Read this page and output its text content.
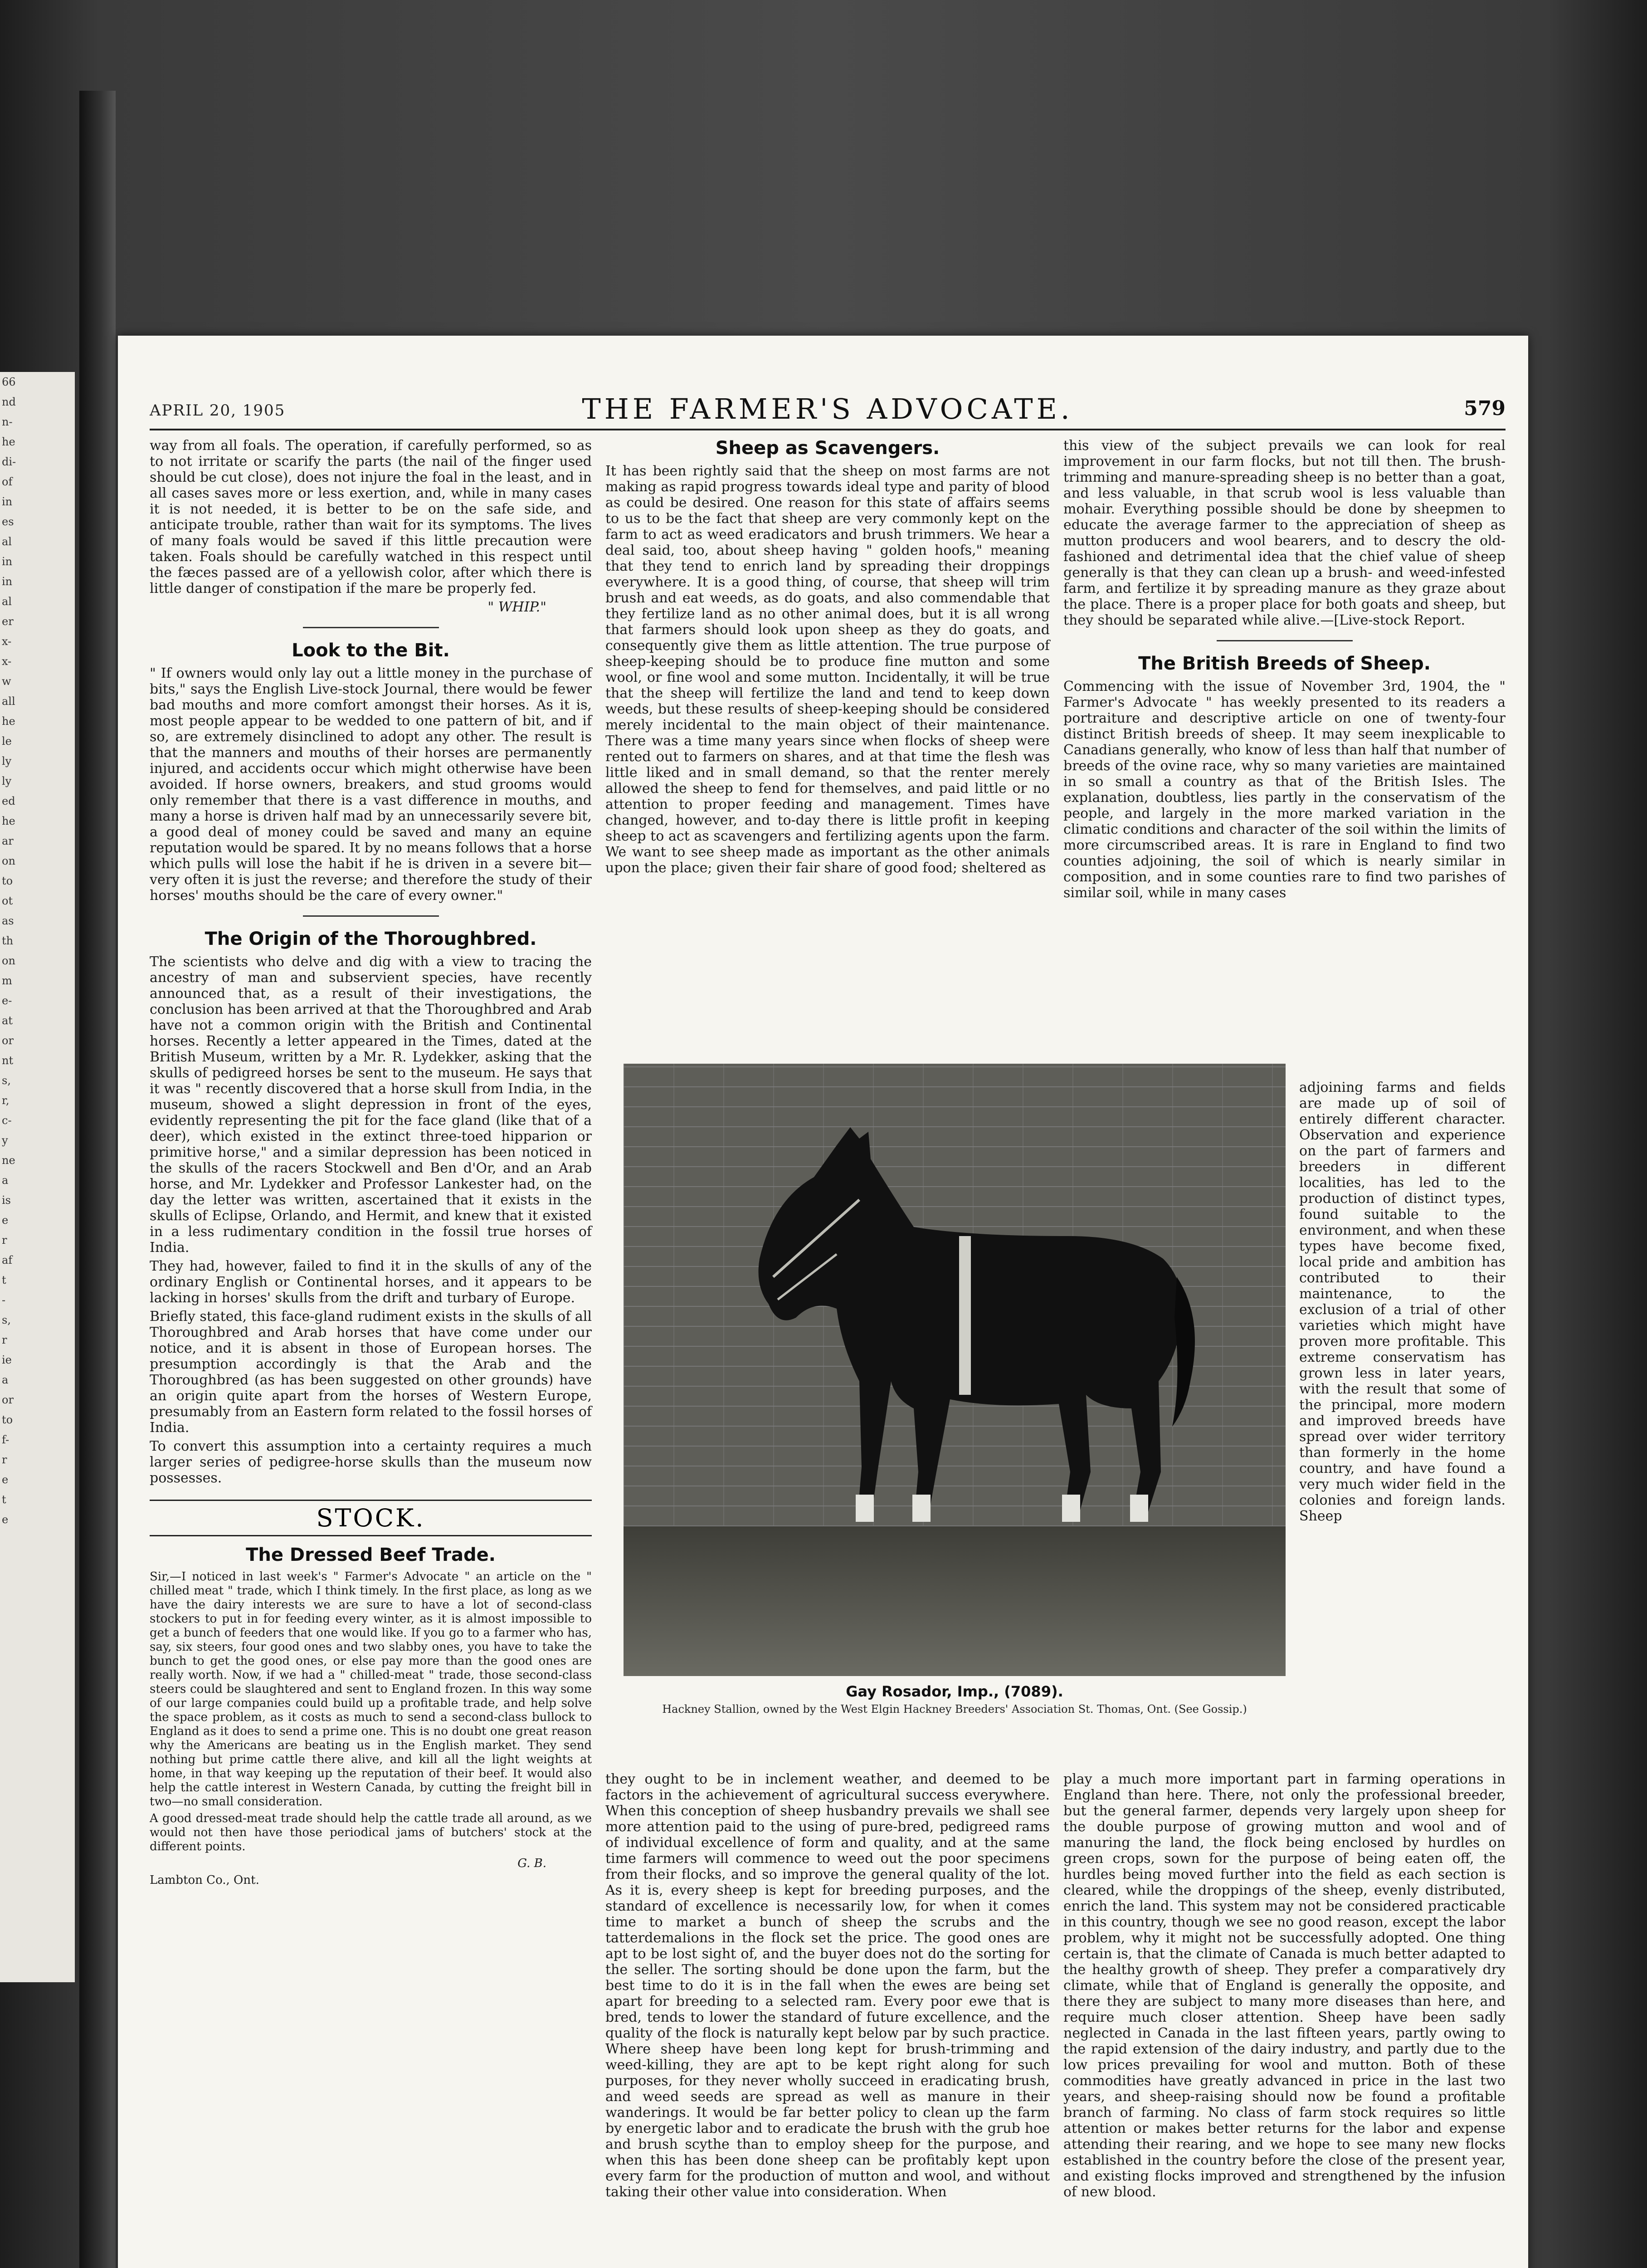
66
nd
n-
he
di-
of
in
es
al
in
in
al
er
x-
x-
w
all
he
le
ly
ly
ed
he
ar
on
to
ot
as
th
on
m
e-
at
or
nt
s,
r,
c-
y
ne
a
is
e
r
af
t
-
s,
r
ie
a
or
to
f-
r
e
t
e
APRIL 20, 1905	THE FARMER'S ADVOCATE.	579

way from all foals. The operation, if carefully performed, so as to not irritate or scarify the parts (the nail of the finger used should be cut close), does not injure the foal in the least, and in all cases saves more or less exertion, and, while in many cases it is not needed, it is better to be on the safe side, and anticipate trouble, rather than wait for its symptoms. The lives of many foals would be saved if this little precaution were taken. Foals should be carefully watched in this respect until the fæces passed are of a yellowish color, after which there is little danger of constipation if the mare be properly fed.

" WHIP."

Look to the Bit.

" If owners would only lay out a little money in the purchase of bits," says the English Live-stock Journal, there would be fewer bad mouths and more comfort amongst their horses. As it is, most people appear to be wedded to one pattern of bit, and if so, are extremely disinclined to adopt any other. The result is that the manners and mouths of their horses are permanently injured, and accidents occur which might otherwise have been avoided. If horse owners, breakers, and stud grooms would only remember that there is a vast difference in mouths, and many a horse is driven half mad by an unnecessarily severe bit, a good deal of money could be saved and many an equine reputation would be spared. It by no means follows that a horse which pulls will lose the habit if he is driven in a severe bit—very often it is just the reverse; and therefore the study of their horses' mouths should be the care of every owner."

The Origin of the Thoroughbred.

The scientists who delve and dig with a view to tracing the ancestry of man and subservient species, have recently announced that, as a result of their investigations, the conclusion has been arrived at that the Thoroughbred and Arab have not a common origin with the British and Continental horses. Recently a letter appeared in the Times, dated at the British Museum, written by a Mr. R. Lydekker, asking that the skulls of pedigreed horses be sent to the museum. He says that it was " recently discovered that a horse skull from India, in the museum, showed a slight depression in front of the eyes, evidently representing the pit for the face gland (like that of a deer), which existed in the extinct three-toed hipparion or primitive horse," and a similar depression has been noticed in the skulls of the racers Stockwell and Ben d'Or, and an Arab horse, and Mr. Lydekker and Professor Lankester had, on the day the letter was written, ascertained that it exists in the skulls of Eclipse, Orlando, and Hermit, and knew that it existed in a less rudimentary condition in the fossil true horses of India.

They had, however, failed to find it in the skulls of any of the ordinary English or Continental horses, and it appears to be lacking in horses' skulls from the drift and turbary of Europe.

Briefly stated, this face-gland rudiment exists in the skulls of all Thoroughbred and Arab horses that have come under our notice, and it is absent in those of European horses. The presumption accordingly is that the Arab and the Thoroughbred (as has been suggested on other grounds) have an origin quite apart from the horses of Western Europe, presumably from an Eastern form related to the fossil horses of India.

To convert this assumption into a certainty requires a much larger series of pedigree-horse skulls than the museum now possesses.

STOCK.
The Dressed Beef Trade.

Sir,—I noticed in last week's " Farmer's Advocate " an article on the " chilled meat " trade, which I think timely. In the first place, as long as we have the dairy interests we are sure to have a lot of second-class stockers to put in for feeding every winter, as it is almost impossible to get a bunch of feeders that one would like. If you go to a farmer who has, say, six steers, four good ones and two slabby ones, you have to take the bunch to get the good ones, or else pay more than the good ones are really worth. Now, if we had a " chilled-meat " trade, those second-class steers could be slaughtered and sent to England frozen. In this way some of our large companies could build up a profitable trade, and help solve the space problem, as it costs as much to send a second-class bullock to England as it does to send a prime one. This is no doubt one great reason why the Americans are beating us in the English market. They send nothing but prime cattle there alive, and kill all the light weights at home, in that way keeping up the reputation of their beef. It would also help the cattle interest in Western Canada, by cutting the freight bill in two—no small consideration.

A good dressed-meat trade should help the cattle trade all around, as we would not then have those periodical jams of butchers' stock at the different points.

G. B.

Lambton Co., Ont.

Sheep as Scavengers.

It has been rightly said that the sheep on most farms are not making as rapid progress towards ideal type and parity of blood as could be desired. One reason for this state of affairs seems to us to be the fact that sheep are very commonly kept on the farm to act as weed eradicators and brush trimmers. We hear a deal said, too, about sheep having " golden hoofs," meaning that they tend to enrich land by spreading their droppings everywhere. It is a good thing, of course, that sheep will trim brush and eat weeds, as do goats, and also commendable that they fertilize land as no other animal does, but it is all wrong that farmers should look upon sheep as they do goats, and consequently give them as little attention. The true purpose of sheep-keeping should be to produce fine mutton and some wool, or fine wool and some mutton. Incidentally, it will be true that the sheep will fertilize the land and tend to keep down weeds, but these results of sheep-keeping should be considered merely incidental to the main object of their maintenance. There was a time many years since when flocks of sheep were rented out to farmers on shares, and at that time the flesh was little liked and in small demand, so that the renter merely allowed the sheep to fend for themselves, and paid little or no attention to proper feeding and management. Times have changed, however, and to-day there is little profit in keeping sheep to act as scavengers and fertilizing agents upon the farm. We want to see sheep made as important as the other animals upon the place; given their fair share of good food; sheltered as

this view of the subject prevails we can look for real improvement in our farm flocks, but not till then. The brush-trimming and manure-spreading sheep is no better than a goat, and less valuable, in that scrub wool is less valuable than mohair. Everything possible should be done by sheepmen to educate the average farmer to the appreciation of sheep as mutton producers and wool bearers, and to descry the old-fashioned and detrimental idea that the chief value of sheep generally is that they can clean up a brush- and weed-infested farm, and fertilize it by spreading manure as they graze about the place. There is a proper place for both goats and sheep, but they should be separated while alive.—[Live-stock Report.

The British Breeds of Sheep.

Commencing with the issue of November 3rd, 1904, the " Farmer's Advocate " has weekly presented to its readers a portraiture and descriptive article on one of twenty-four distinct British breeds of sheep. It may seem inexplicable to Canadians generally, who know of less than half that number of breeds of the ovine race, why so many varieties are maintained in so small a country as that of the British Isles. The explanation, doubtless, lies partly in the conservatism of the people, and largely in the more marked variation in the climatic conditions and character of the soil within the limits of more circumscribed areas. It is rare in England to find two counties adjoining, the soil of which is nearly similar in composition, and in some counties rare to find two parishes of similar soil, while in many cases

Gay Rosador, Imp., (7089).
Hackney Stallion, owned by the West Elgin Hackney Breeders' Association St. Thomas, Ont. (See Gossip.)

adjoining farms and fields are made up of soil of entirely different character. Observation and experience on the part of farmers and breeders in different localities, has led to the production of distinct types, found suitable to the environment, and when these types have become fixed, local pride and ambition has contributed to their maintenance, to the exclusion of a trial of other varieties which might have proven more profitable. This extreme conservatism has grown less in later years, with the result that some of the principal, more modern and improved breeds have spread over wider territory than formerly in the home country, and have found a very much wider field in the colonies and foreign lands. Sheep

they ought to be in inclement weather, and deemed to be factors in the achievement of agricultural success everywhere. When this conception of sheep husbandry prevails we shall see more attention paid to the using of pure-bred, pedigreed rams of individual excellence of form and quality, and at the same time farmers will commence to weed out the poor specimens from their flocks, and so improve the general quality of the lot. As it is, every sheep is kept for breeding purposes, and the standard of excellence is necessarily low, for when it comes time to market a bunch of sheep the scrubs and the tatterdemalions in the flock set the price. The good ones are apt to be lost sight of, and the buyer does not do the sorting for the seller. The sorting should be done upon the farm, but the best time to do it is in the fall when the ewes are being set apart for breeding to a selected ram. Every poor ewe that is bred, tends to lower the standard of future excellence, and the quality of the flock is naturally kept below par by such practice. Where sheep have been long kept for brush-trimming and weed-killing, they are apt to be kept right along for such purposes, for they never wholly succeed in eradicating brush, and weed seeds are spread as well as manure in their wanderings. It would be far better policy to clean up the farm by energetic labor and to eradicate the brush with the grub hoe and brush scythe than to employ sheep for the purpose, and when this has been done sheep can be profitably kept upon every farm for the production of mutton and wool, and without taking their other value into consideration. When

play a much more important part in farming operations in England than here. There, not only the professional breeder, but the general farmer, depends very largely upon sheep for the double purpose of growing mutton and wool and of manuring the land, the flock being enclosed by hurdles on green crops, sown for the purpose of being eaten off, the hurdles being moved further into the field as each section is cleared, while the droppings of the sheep, evenly distributed, enrich the land. This system may not be considered practicable in this country, though we see no good reason, except the labor problem, why it might not be successfully adopted. One thing certain is, that the climate of Canada is much better adapted to the healthy growth of sheep. They prefer a comparatively dry climate, while that of England is generally the opposite, and there they are subject to many more diseases than here, and require much closer attention. Sheep have been sadly neglected in Canada in the last fifteen years, partly owing to the rapid extension of the dairy industry, and partly due to the low prices prevailing for wool and mutton. Both of these commodities have greatly advanced in price in the last two years, and sheep-raising should now be found a profitable branch of farming. No class of farm stock requires so little attention or makes better returns for the labor and expense attending their rearing, and we hope to see many new flocks established in the country before the close of the present year, and existing flocks improved and strengthened by the infusion of new blood.
